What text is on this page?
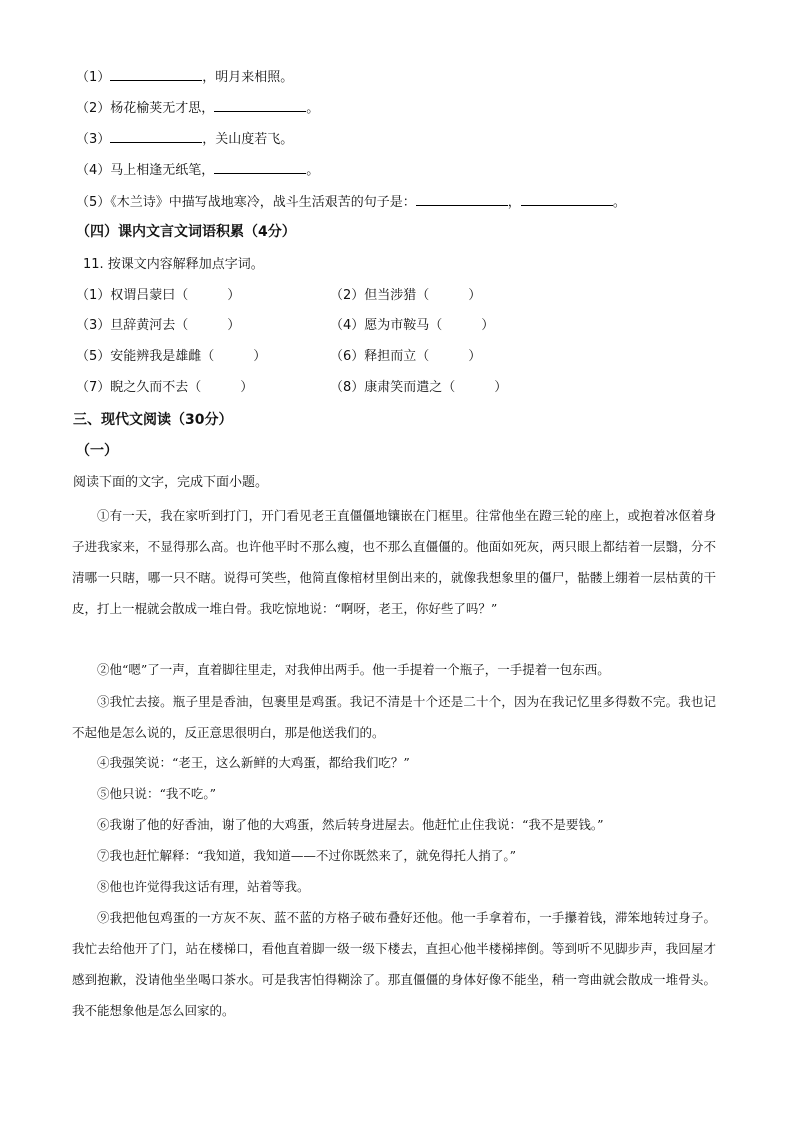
（1）	，明月来相照。
（2）杨花榆荚无才思，	。
（3）	，关山度若飞。
（4）马上相逢无纸笔，	。
（5）《木兰诗》中描写战地寒冷，战斗生活艰苦的句子是：	，	。
（四）课内文言文词语积累（4分）
11. 按课文内容解释加点字词。
（1）权谓吕蒙曰（　　　）	（2）但当涉猎（　　　）
（3）旦辞黄河去（　　　）	（4）愿为市鞍马（　　　）
（5）安能辨我是雄雌（　　　）	（6）释担而立（　　　）
（7）睨之久而不去（　　　）	（8）康肃笑而遣之（　　　）
三、现代文阅读（30分）
（一）
阅读下面的文字，完成下面小题。
①有一天，我在家听到打门，开门看见老王直僵僵地镶嵌在门框里。往常他坐在蹬三轮的座上，或抱着冰伛着身子进我家来，不显得那么高。也许他平时不那么瘦，也不那么直僵僵的。他面如死灰，两只眼上都结着一层翳，分不清哪一只瞎，哪一只不瞎。说得可笑些，他简直像棺材里倒出来的，就像我想象里的僵尸，骷髅上绷着一层枯黄的干皮，打上一棍就会散成一堆白骨。我吃惊地说：“啊呀，老王，你好些了吗？”
②他“嗯”了一声，直着脚往里走，对我伸出两手。他一手提着一个瓶子，一手提着一包东西。
③我忙去接。瓶子里是香油，包裹里是鸡蛋。我记不清是十个还是二十个，因为在我记忆里多得数不完。我也记不起他是怎么说的，反正意思很明白，那是他送我们的。
④我强笑说：“老王，这么新鲜的大鸡蛋，都给我们吃？”
⑤他只说：“我不吃。”
⑥我谢了他的好香油，谢了他的大鸡蛋，然后转身进屋去。他赶忙止住我说：“我不是要钱。”
⑦我也赶忙解释：“我知道，我知道——不过你既然来了，就免得托人捎了。”
⑧他也许觉得我这话有理，站着等我。
⑨我把他包鸡蛋的一方灰不灰、蓝不蓝的方格子破布叠好还他。他一手拿着布，一手攥着钱，滞笨地转过身子。我忙去给他开了门，站在楼梯口，看他直着脚一级一级下楼去，直担心他半楼梯摔倒。等到听不见脚步声，我回屋才感到抱歉，没请他坐坐喝口茶水。可是我害怕得糊涂了。那直僵僵的身体好像不能坐，稍一弯曲就会散成一堆骨头。我不能想象他是怎么回家的。
